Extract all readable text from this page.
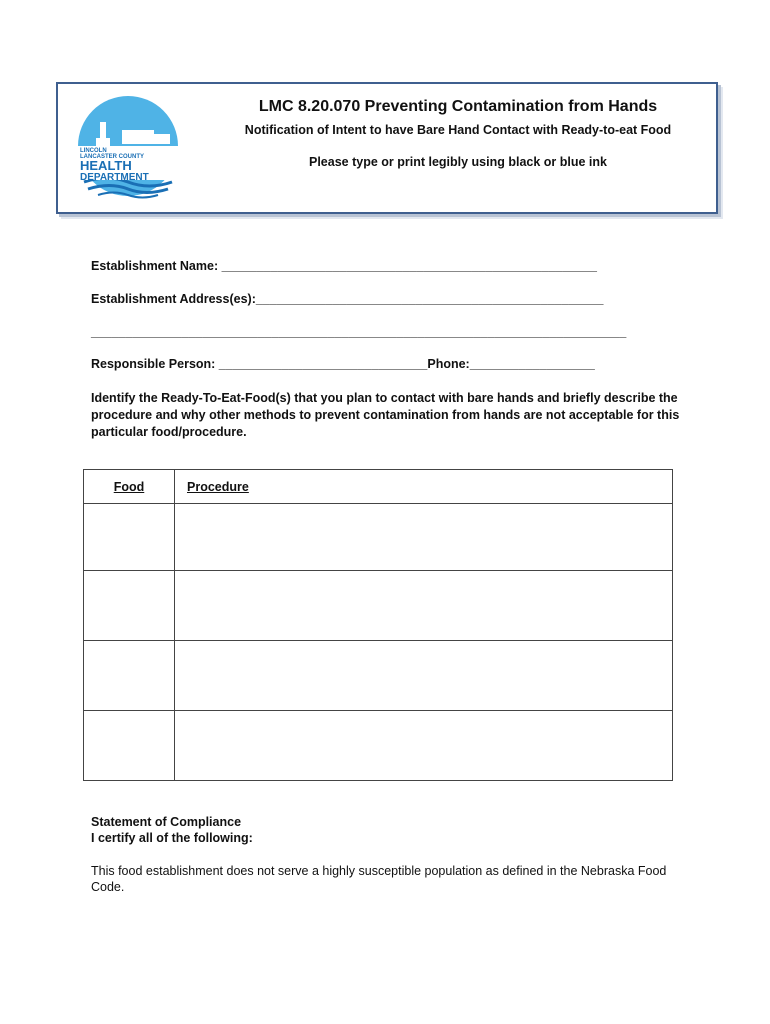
LINCOLN
LANCASTER COUNTY
HEALTH
DEPARTMENT

LMC 8.20.070 Preventing Contamination from Hands

Notification of Intent to have Bare Hand Contact with Ready-to-eat Food

Please type or print legibly using black or blue ink

Establishment Name: ______________________________________________________
Establishment Address(es):__________________________________________________
_____________________________________________________________________________
Responsible Person: ______________________________Phone:__________________
Identify the Ready-To-Eat-Food(s) that you plan to contact with bare hands and briefly describe the procedure and why other methods to prevent contamination from hands are not acceptable for this particular food/procedure.
Food	Procedure

Statement of Compliance
I certify all of the following:
This food establishment does not serve a highly susceptible population as defined in the Nebraska Food Code.
